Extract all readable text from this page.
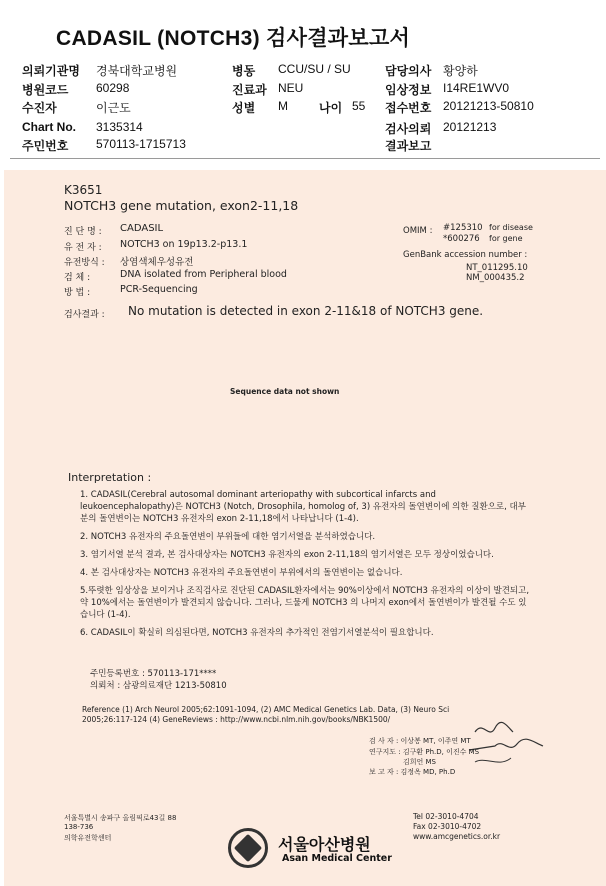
CADASIL (NOTCH3) 검사결과보고서
의뢰기관명 경북대학교병원	병동 CCU/SU / SU	담당의사 황양하
병원코드 60298	진료과 NEU	임상정보 I14RE1WV0
수진자	이근도	성별 M	나이 55 접수번호 20121213-50810
Chart No. 3135314	검사의뢰 20121213
주민번호 570113-1715713	결과보고
K3651
NOTCH3 gene mutation, exon2-11,18
진 단 명 : CADASIL
유 전 자 : NOTCH3 on 19p13.2-p13.1
유전방식 : 상염색체우성유전
검 체 :	DNA isolated from Peripheral blood
방 법 :	PCR-Sequencing
OMIM : #125310 for disease
*600276 for gene
GenBank accession number :
NT_011295.10
NM_000435.2
검사결과 : No mutation is detected in exon 2-11&18 of NOTCH3 gene.
Sequence data not shown
Interpretation :

1. CADASIL(Cerebral autosomal dominant arteriopathy with subcortical infarcts and leukoencephalopathy)은 NOTCH3 (Notch, Drosophila, homolog of, 3) 유전자의 돌연변이에 의한 질환으로, 대부분의 돌연변이는 NOTCH3 유전자의 exon 2-11,18에서 나타납니다 (1-4).

2. NOTCH3 유전자의 주요돌연변이 부위들에 대한 염기서열을 분석하였습니다.

3. 염기서열 분석 결과, 본 검사대상자는 NOTCH3 유전자의 exon 2-11,18의 염기서열은 모두 정상이었습니다.

4. 본 검사대상자는 NOTCH3 유전자의 주요돌연변이 부위에서의 돌연변이는 없습니다.

5.뚜렷한 임상상을 보이거나 조직검사로 진단된 CADASIL환자에서는 90%이상에서 NOTCH3 유전자의 이상이 발견되고, 약 10%에서는 돌연변이가 발견되지 않습니다. 그러나, 드물게 NOTCH3 의 나머지 exon에서 돌연변이가 발견될 수도 있습니다 (1-4).

6. CADASIL이 확실히 의심된다면, NOTCH3 유전자의 추가적인 전염기서열분석이 필요합니다.

주민등록번호 : 570113-171****
의뢰처 : 삼광의료재단 1213-50810
Reference (1) Arch Neurol 2005;62:1091-1094, (2) AMC Medical Genetics Lab. Data, (3) Neuro Sci
2005;26:117-124 (4) GeneReviews : http://www.ncbi.nlm.nih.gov/books/NBK1500/
검 사 자 : 이상봉 MT, 이주연 MT
연구지도 : 김구환 Ph.D, 이진수 MS
김희언 MS
보 고 자 : 김정옥 MD, Ph.D
서울특별시 송파구 올림픽로43길 88
138-736
의학유전학센터	서울아산병원
Asan Medical Center
Tel 02-3010-4704
Fax 02-3010-4702
www.amcgenetics.or.kr
